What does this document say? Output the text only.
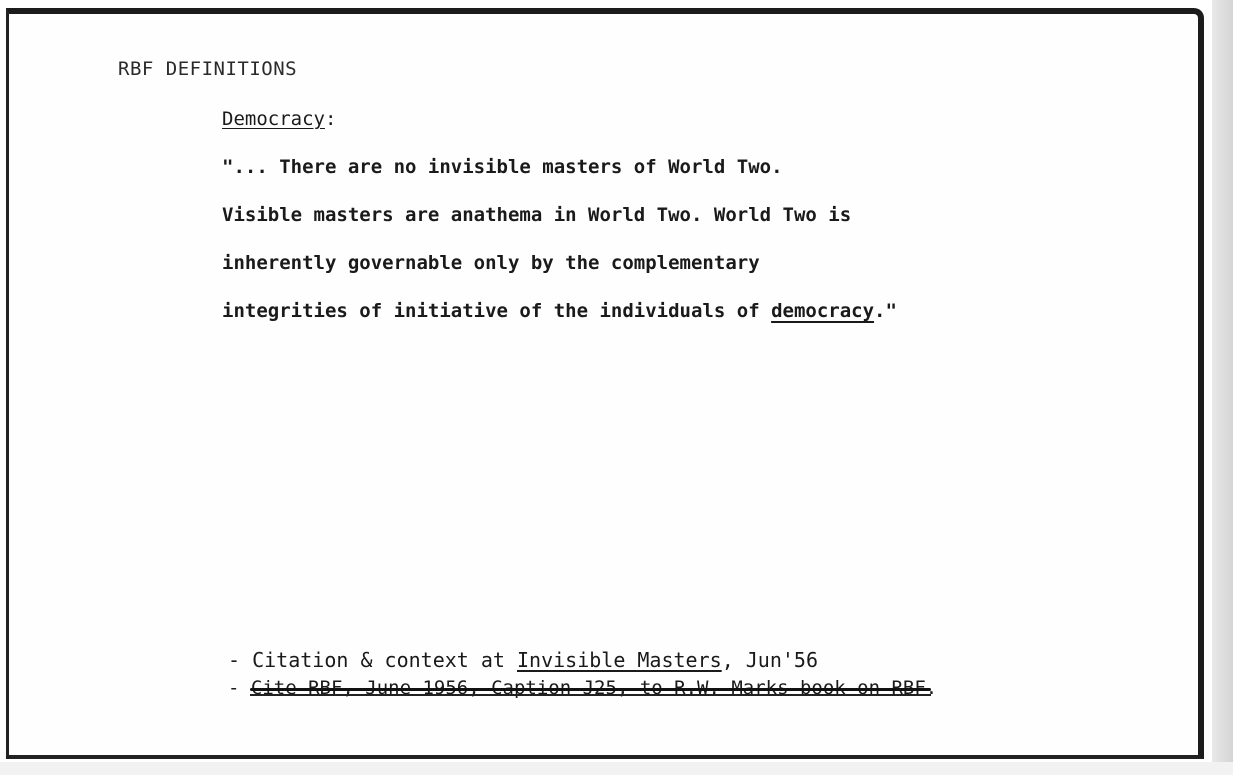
RBF DEFINITIONS
Democracy:
"... There are no invisible masters of World Two.
Visible masters are anathema in World Two. World Two is
inherently governable only by the complementary
integrities of initiative of the individuals of democracy."
- Citation & context at Invisible Masters, Jun'56
- Cite RBF, June 1956, Caption J25, to R.W. Marks book on RBF.
